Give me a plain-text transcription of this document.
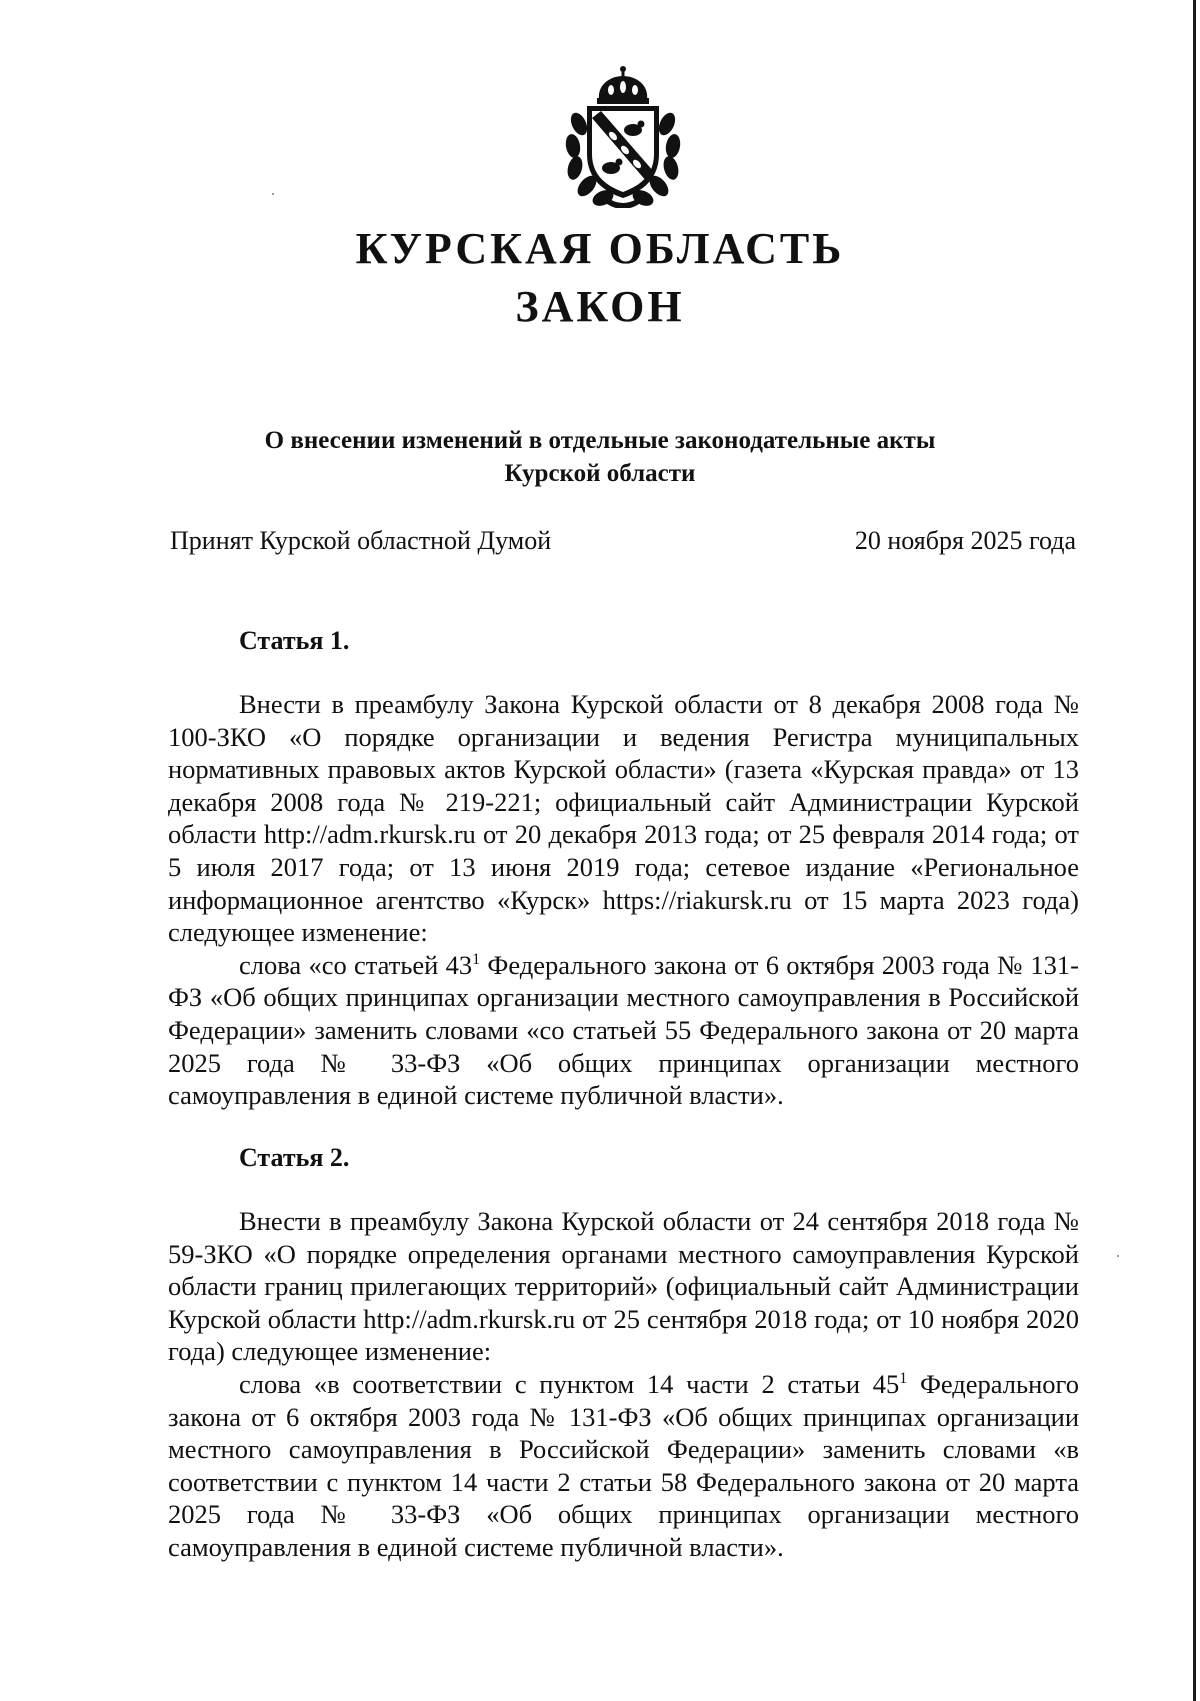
КУРСКАЯ ОБЛАСТЬ
ЗАКОН
О внесении изменений в отдельные законодательные акты
Курской области
Принят Курской областной Думой	20 ноября 2025 года
Статья 1.

Внести в преамбулу Закона Курской области от 8 декабря 2008 года № 100-ЗКО «О порядке организации и ведения Регистра муниципальных нормативных правовых актов Курской области» (газета «Курская правда» от 13 декабря 2008 года № 219-221; официальный сайт Администрации Курской области http://adm.rkursk.ru от 20 декабря 2013 года; от 25 февраля 2014 года; от 5 июля 2017 года; от 13 июня 2019 года; сетевое издание «Региональное информационное агентство «Курск» https://riakursk.ru от 15 марта 2023 года) следующее изменение:

слова «со статьей $43^1$ Федерального закона от 6 октября 2003 года № 131-ФЗ «Об общих принципах организации местного самоуправления в Российской Федерации» заменить словами «со статьей 55 Федерального закона от 20 марта 2025 года № 33-ФЗ «Об общих принципах организации местного самоуправления в единой системе публичной власти».

Статья 2.

Внести в преамбулу Закона Курской области от 24 сентября 2018 года № 59-ЗКО «О порядке определения органами местного самоуправления Курской области границ прилегающих территорий» (официальный сайт Администрации Курской области http://adm.rkursk.ru от 25 сентября 2018 года; от 10 ноября 2020 года) следующее изменение:

слова «в соответствии с пунктом 14 части 2 статьи $45^1$ Федерального закона от 6 октября 2003 года № 131-ФЗ «Об общих принципах организации местного самоуправления в Российской Федерации» заменить словами «в соответствии с пунктом 14 части 2 статьи 58 Федерального закона от 20 марта 2025 года № 33-ФЗ «Об общих принципах организации местного самоуправления в единой системе публичной власти».
